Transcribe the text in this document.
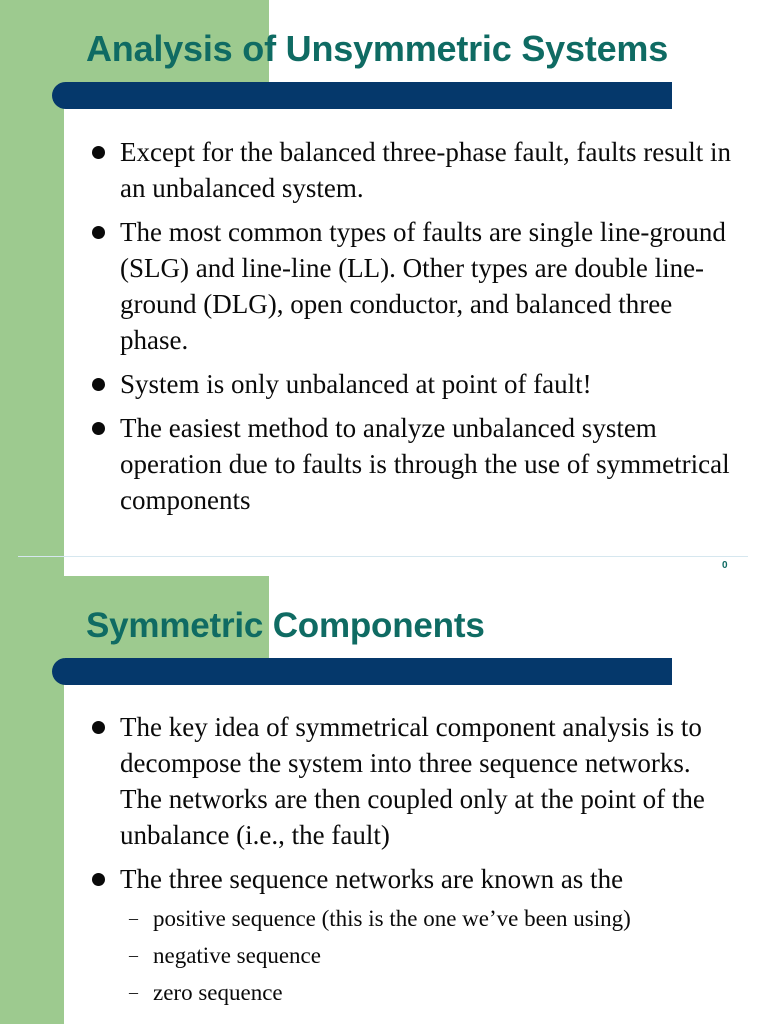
Analysis of Unsymmetric Systems
Except for the balanced three-phase fault, faults result in an unbalanced system.
The most common types of faults are single line-ground (SLG) and line-line (LL). Other types are double line-ground (DLG), open conductor, and balanced three phase.
System is only unbalanced at point of fault!
The easiest method to analyze unbalanced system operation due to faults is through the use of symmetrical components
0
Symmetric Components
The key idea of symmetrical component analysis is to decompose the system into three sequence networks. The networks are then coupled only at the point of the unbalance (i.e., the fault)
The three sequence networks are known as the
– positive sequence (this is the one we’ve been using)
– negative sequence
– zero sequence
